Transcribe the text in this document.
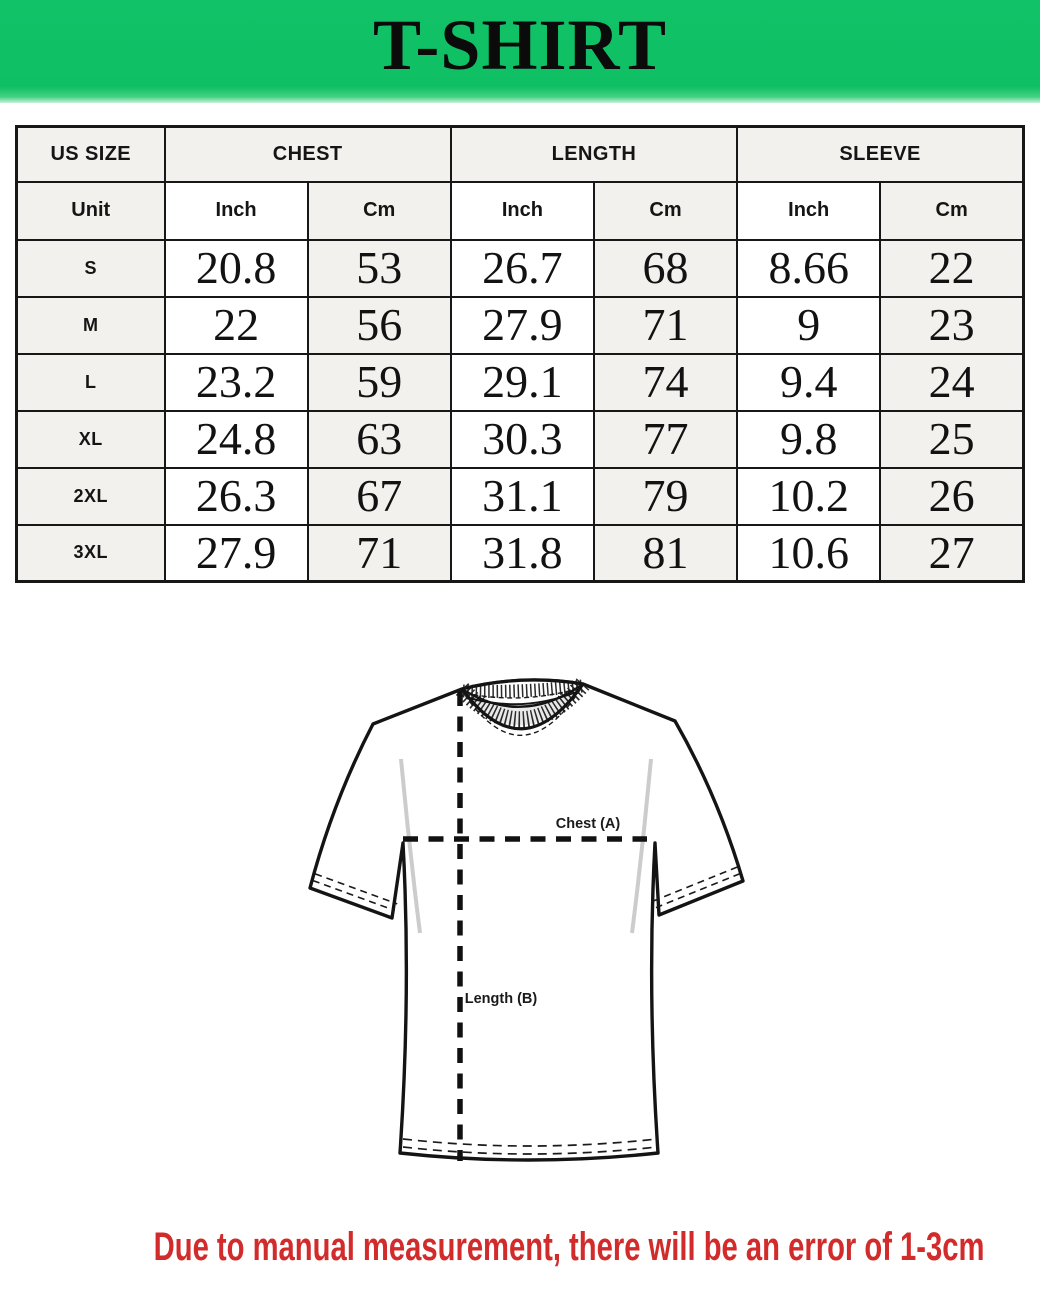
T-SHIRT
US SIZE	CHEST		LENGTH		SLEEVE	
Unit	Inch	Cm	Inch	Cm	Inch	Cm
S	20.8	53	26.7	68	8.66	22
M	22	56	27.9	71	9	23
L	23.2	59	29.1	74	9.4	24
XL	24.8	63	30.3	77	9.8	25
2XL	26.3	67	31.1	79	10.2	26
3XL	27.9	71	31.8	81	10.6	27
Chest (A)
Length (B)
Due to manual measurement, there will be an error of 1-3cm
